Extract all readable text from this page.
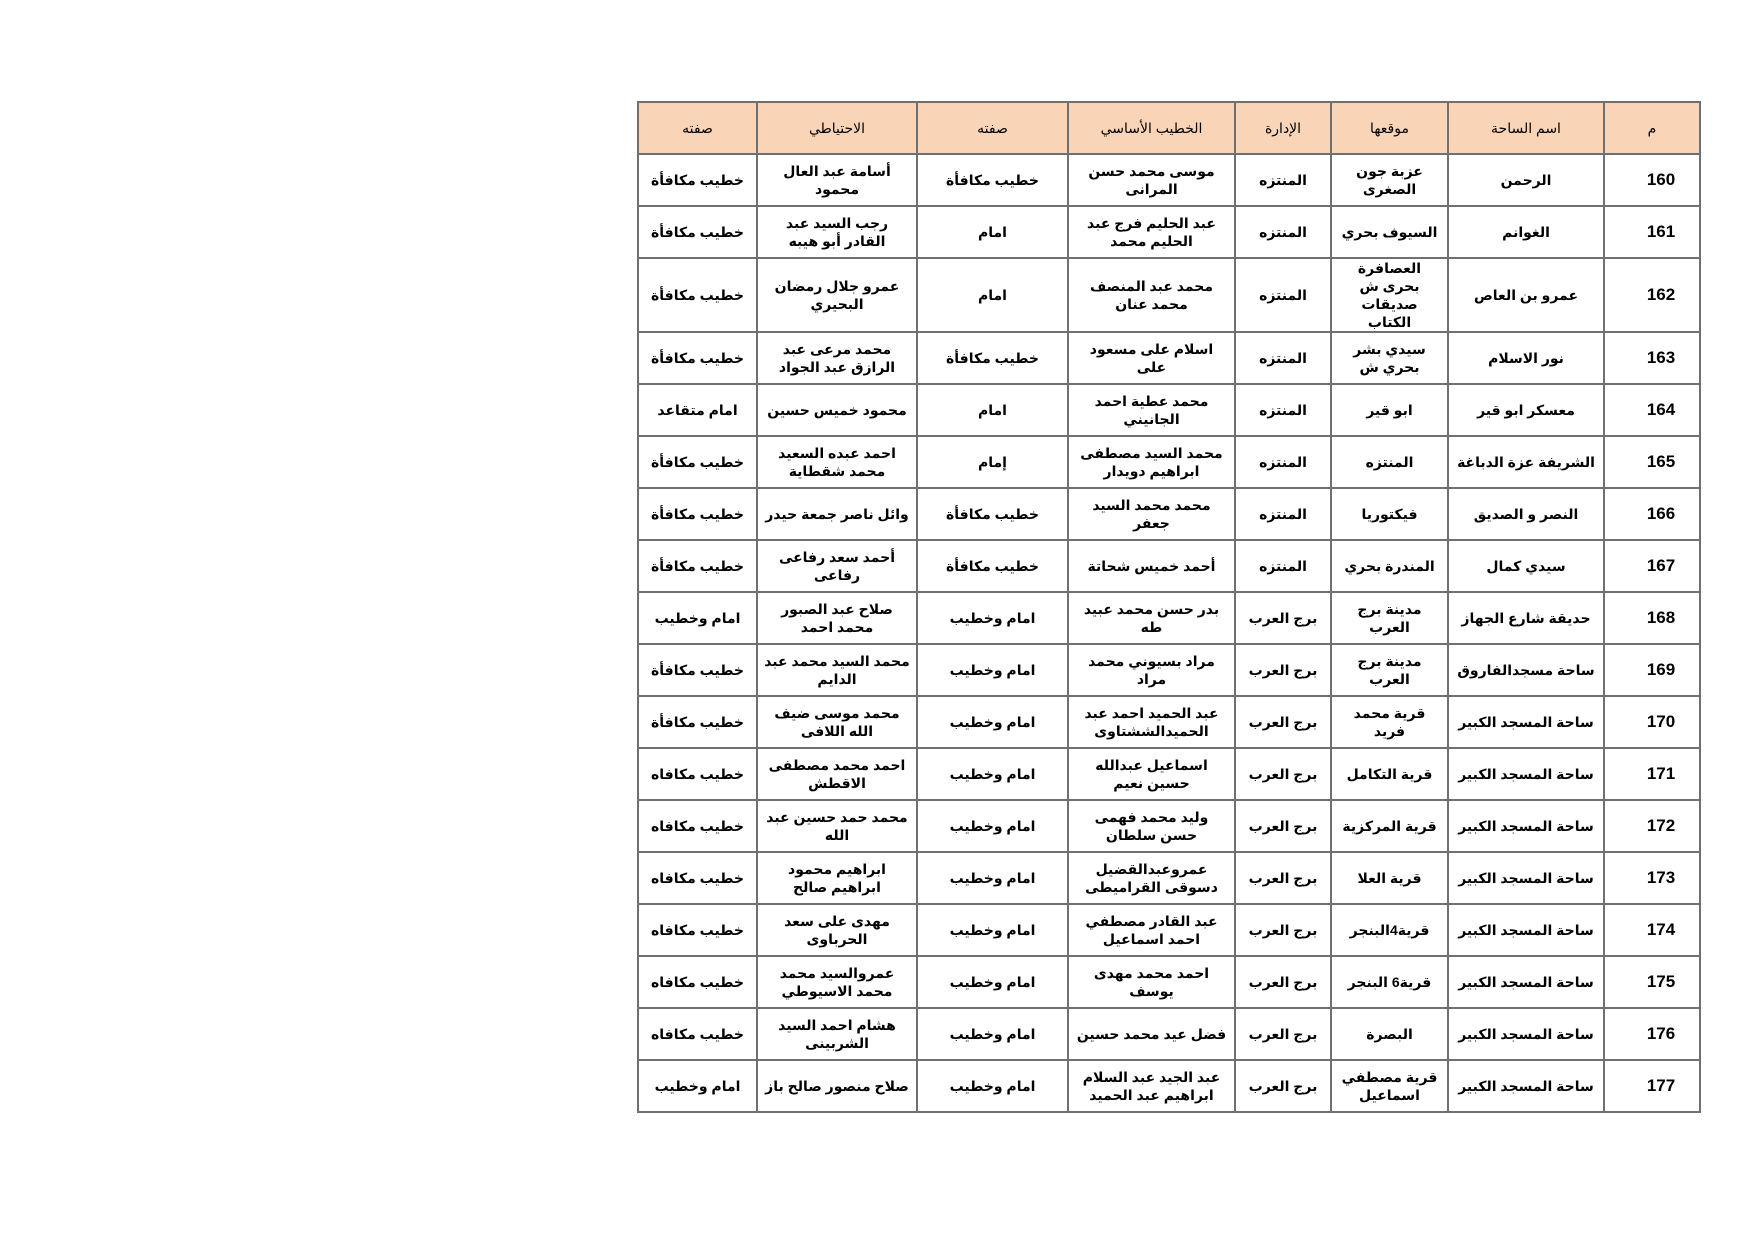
م	اسم الساحة	موقعها	الإدارة	الخطيب الأساسي	صفته	الاحتياطي	صفته
160	الرحمن	عزبة جون الصغرى	المنتزه	موسى محمد حسن المرانى	خطيب مكافأة	أسامة عبد العال محمود	خطيب مكافأة
161	الغوانم	السيوف بحري	المنتزه	عبد الحليم فرج عبد الحليم محمد	امام	رجب السيد عبد القادر أبو هيبه	خطيب مكافأة
162	عمرو بن العاص	العصافرة بحرى ش صديقات الكتاب	المنتزه	محمد عبد المنصف محمد عنان	امام	عمرو جلال رمضان البحيري	خطيب مكافأة
163	نور الاسلام	سيدي بشر بحري ش	المنتزه	اسلام على مسعود على	خطيب مكافأة	محمد مرعى عبد الرازق عبد الجواد	خطيب مكافأة
164	معسكر ابو قير	ابو قير	المنتزه	محمد عطية احمد الجانيني	امام	محمود خميس حسين	امام متقاعد
165	الشريفة عزة الدباغة	المنتزه	المنتزه	محمد السيد مصطفى ابراهيم دويدار	إمام	احمد عبده السعيد محمد شقطاية	خطيب مكافأة
166	النصر و الصديق	فيكتوريا	المنتزه	محمد محمد السيد جعفر	خطيب مكافأة	وائل ناصر جمعة حيدر	خطيب مكافأة
167	سيدي كمال	المندرة بحري	المنتزه	أحمد خميس شحاتة	خطيب مكافأة	أحمد سعد رفاعى رفاعى	خطيب مكافأة
168	حديقة شارع الجهاز	مدينة برج العرب	برج العرب	بدر حسن محمد عبيد طه	امام وخطيب	صلاح عبد الصبور محمد احمد	امام وخطيب
169	ساحة مسجدالفاروق	مدينة برج العرب	برج العرب	مراد بسيوني محمد مراد	امام وخطيب	محمد السيد محمد عبد الدايم	خطيب مكافأة
170	ساحة المسجد الكبير	قرية محمد فريد	برج العرب	عبد الحميد احمد عبد الحميدالششتاوى	امام وخطيب	محمد موسى ضيف الله اللافى	خطيب مكافأة
171	ساحة المسجد الكبير	قرية التكامل	برج العرب	اسماعيل عبدالله حسين نعيم	امام وخطيب	احمد محمد مصطفى الاقطش	خطيب مكافاه
172	ساحة المسجد الكبير	قرية المركزية	برج العرب	وليد محمد فهمى حسن سلطان	امام وخطيب	محمد حمد حسين عبد الله	خطيب مكافاه
173	ساحة المسجد الكبير	قرية العلا	برج العرب	عمروعبدالقضيل دسوقى القراميطى	امام وخطيب	ابراهيم محمود ابراهيم صالح	خطيب مكافاه
174	ساحة المسجد الكبير	قرية4البنجر	برج العرب	عبد القادر مصطفي احمد اسماعيل	امام وخطيب	مهدى على سعد الحرباوى	خطيب مكافاه
175	ساحة المسجد الكبير	قرية6 البنجر	برج العرب	احمد محمد مهدى يوسف	امام وخطيب	عمروالسيد محمد محمد الاسيوطي	خطيب مكافاه
176	ساحة المسجد الكبير	البصرة	برج العرب	فضل عيد محمد حسين	امام وخطيب	هشام احمد السيد الشربينى	خطيب مكافاه
177	ساحة المسجد الكبير	قرية مصطفي اسماعيل	برج العرب	عبد الجيد عبد السلام ابراهيم عبد الحميد	امام وخطيب	صلاح منصور صالح باز	امام وخطيب
